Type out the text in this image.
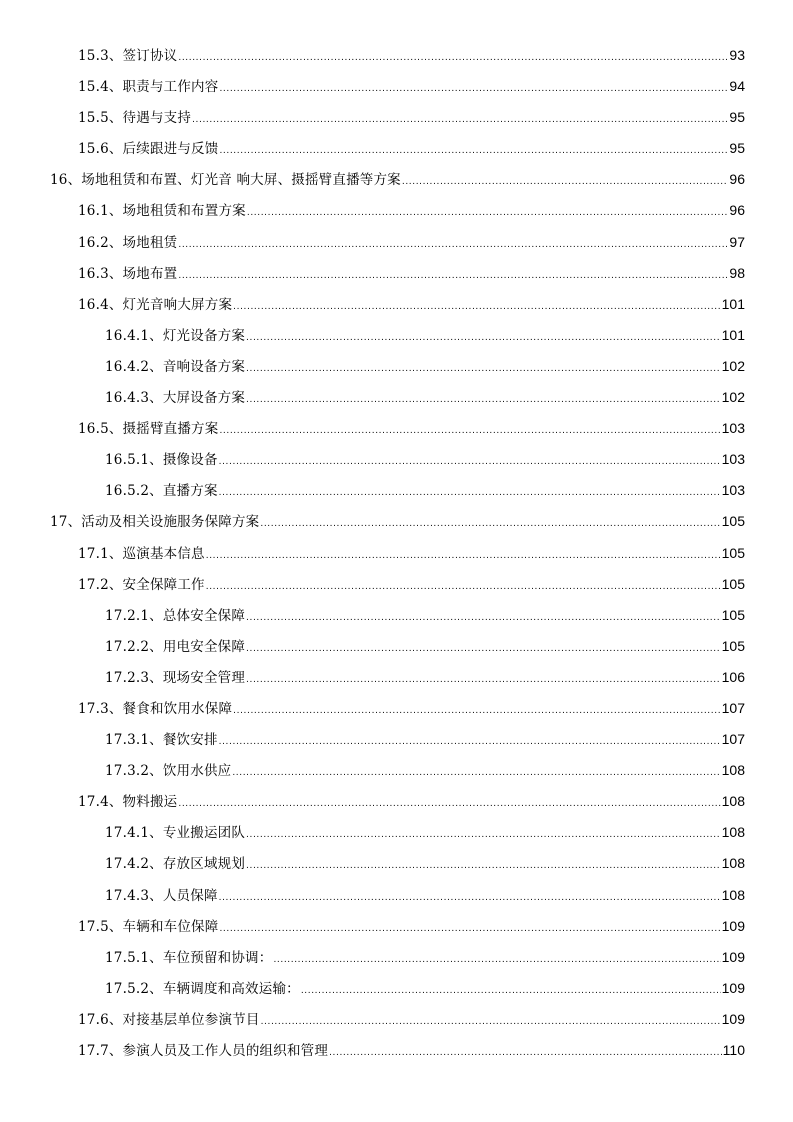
15.3、签订协议 .....	93
15.4、职责与工作内容 .....	94
15.5、待遇与支持 .....	95
15.6、后续跟进与反馈 .....	95
16、场地租赁和布置、灯光音 响大屏、摄摇臂直播等方案 .....	96
16.1、场地租赁和布置方案 .....	96
16.2、场地租赁 .....	97
16.3、场地布置 .....	98
16.4、灯光音响大屏方案 .....	101
16.4.1、灯光设备方案 .....	101
16.4.2、音响设备方案 .....	102
16.4.3、大屏设备方案 .....	102
16.5、摄摇臂直播方案 .....	103
16.5.1、摄像设备 .....	103
16.5.2、直播方案 .....	103
17、活动及相关设施服务保障方案 .....	105
17.1、巡演基本信息 .....	105
17.2、安全保障工作 .....	105
17.2.1、总体安全保障 .....	105
17.2.2、用电安全保障 .....	105
17.2.3、现场安全管理 .....	106
17.3、餐食和饮用水保障 .....	107
17.3.1、餐饮安排 .....	107
17.3.2、饮用水供应 .....	108
17.4、物料搬运 .....	108
17.4.1、专业搬运团队 .....	108
17.4.2、存放区域规划 .....	108
17.4.3、人员保障 .....	108
17.5、车辆和车位保障 .....	109
17.5.1、车位预留和协调： .....	109
17.5.2、车辆调度和高效运输： .....	109
17.6、对接基层单位参演节目 .....	109
17.7、参演人员及工作人员的组织和管理 .....	110
